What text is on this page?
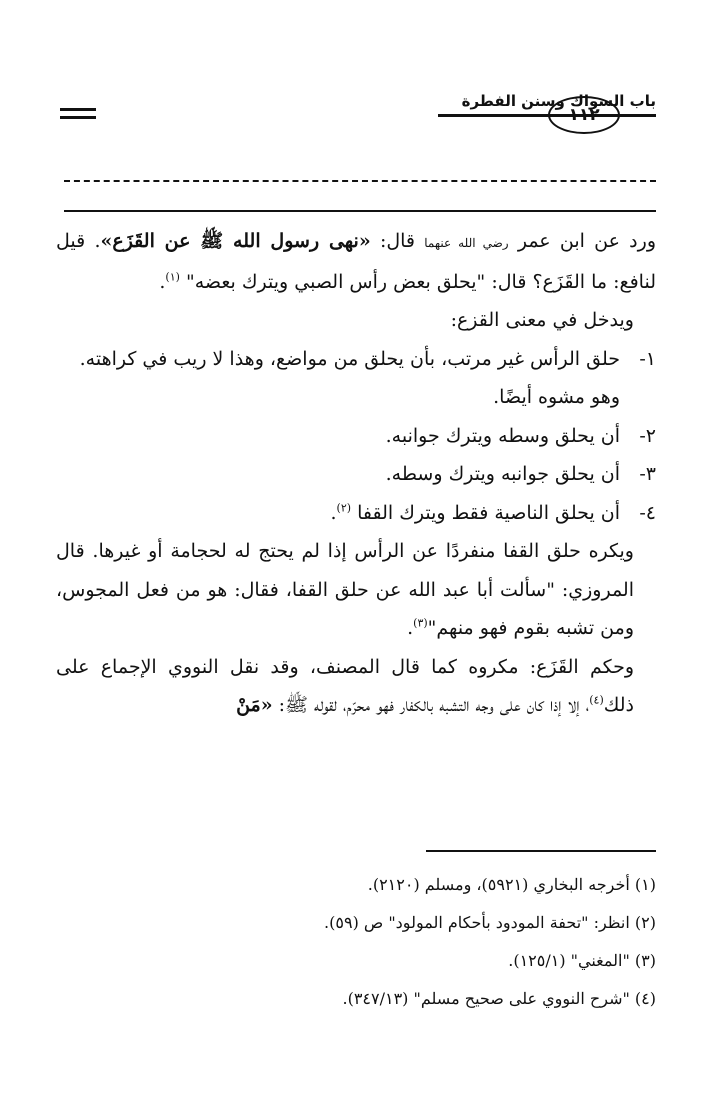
باب السواك وسنن الفطرة
١١٢

ورد عن ابن عمر رضي الله عنهما قال: «نهى رسول الله ﷺ عن القَزَع». قيل لنافع: ما القَزَع؟ قال: "يحلق بعض رأس الصبي ويترك بعضه" $^{(١)}$.

ويدخل في معنى القزع:

١-
حلق الرأس غير مرتب، بأن يحلق من مواضع، وهذا لا ريب في كراهته.

وهو مشوه أيضًا.

٢-
أن يحلق وسطه ويترك جوانبه.
٣-
أن يحلق جوانبه ويترك وسطه.
٤-
أن يحلق الناصية فقط ويترك القفا $^{(٢)}$.

ويكره حلق القفا منفردًا عن الرأس إذا لم يحتج له لحجامة أو غيرها. قال المروزي: "سألت أبا عبد الله عن حلق القفا، فقال: هو من فعل المجوس، ومن تشبه بقوم فهو منهم"$^{(٣)}$.

وحكم القَزَع: مكروه كما قال المصنف، وقد نقل النووي الإجماع على ذلك$^{(٤)}$، إلا إذا كان على وجه التشبه بالكفار فهو محرّم، لقوله ﷺ: «مَنْ

(١) أخرجه البخاري (٥٩٢١)، ومسلم (٢١٢٠).

(٢) انظر: "تحفة المودود بأحكام المولود" ص (٥٩).

(٣) "المغني" (١٢٥/١).

(٤) "شرح النووي على صحيح مسلم" (٣٤٧/١٣).
